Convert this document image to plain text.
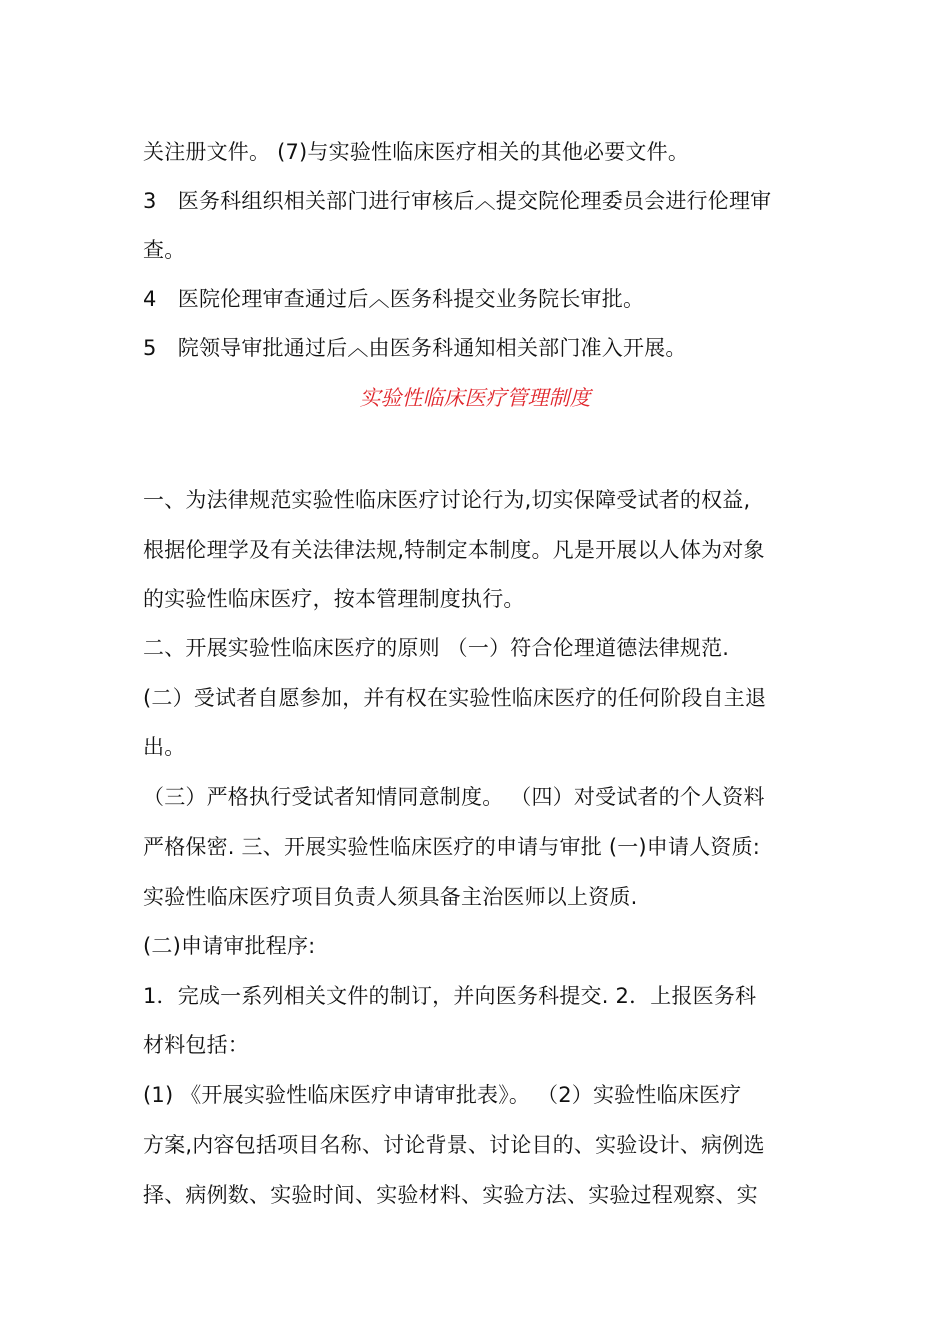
关注册文件。 (7)与实验性临床医疗相关的其他必要文件。
3　医务科组织相关部门进行审核后︿提交院伦理委员会进行伦理审
查。
4　医院伦理审查通过后︿医务科提交业务院长审批。
5　院领导审批通过后︿由医务科通知相关部门准入开展。
实验性临床医疗管理制度
一、为法律规范实验性临床医疗讨论行为,切实保障受试者的权益,
根据伦理学及有关法律法规,特制定本制度。凡是开展以人体为对象
的实验性临床医疗，按本管理制度执行。
二、开展实验性临床医疗的原则 （一）符合伦理道德法律规范.
(二）受试者自愿参加，并有权在实验性临床医疗的任何阶段自主退
出。
（三）严格执行受试者知情同意制度。 （四）对受试者的个人资料
严格保密. 三、开展实验性临床医疗的申请与审批 (一)申请人资质:
实验性临床医疗项目负责人须具备主治医师以上资质.
(二)申请审批程序:
1．完成一系列相关文件的制订，并向医务科提交. 2．上报医务科
材料包括：
(1) 《开展实验性临床医疗申请审批表》。 （2）实验性临床医疗
方案,内容包括项目名称、讨论背景、讨论目的、实验设计、病例选
择、病例数、实验时间、实验材料、实验方法、实验过程观察、实
